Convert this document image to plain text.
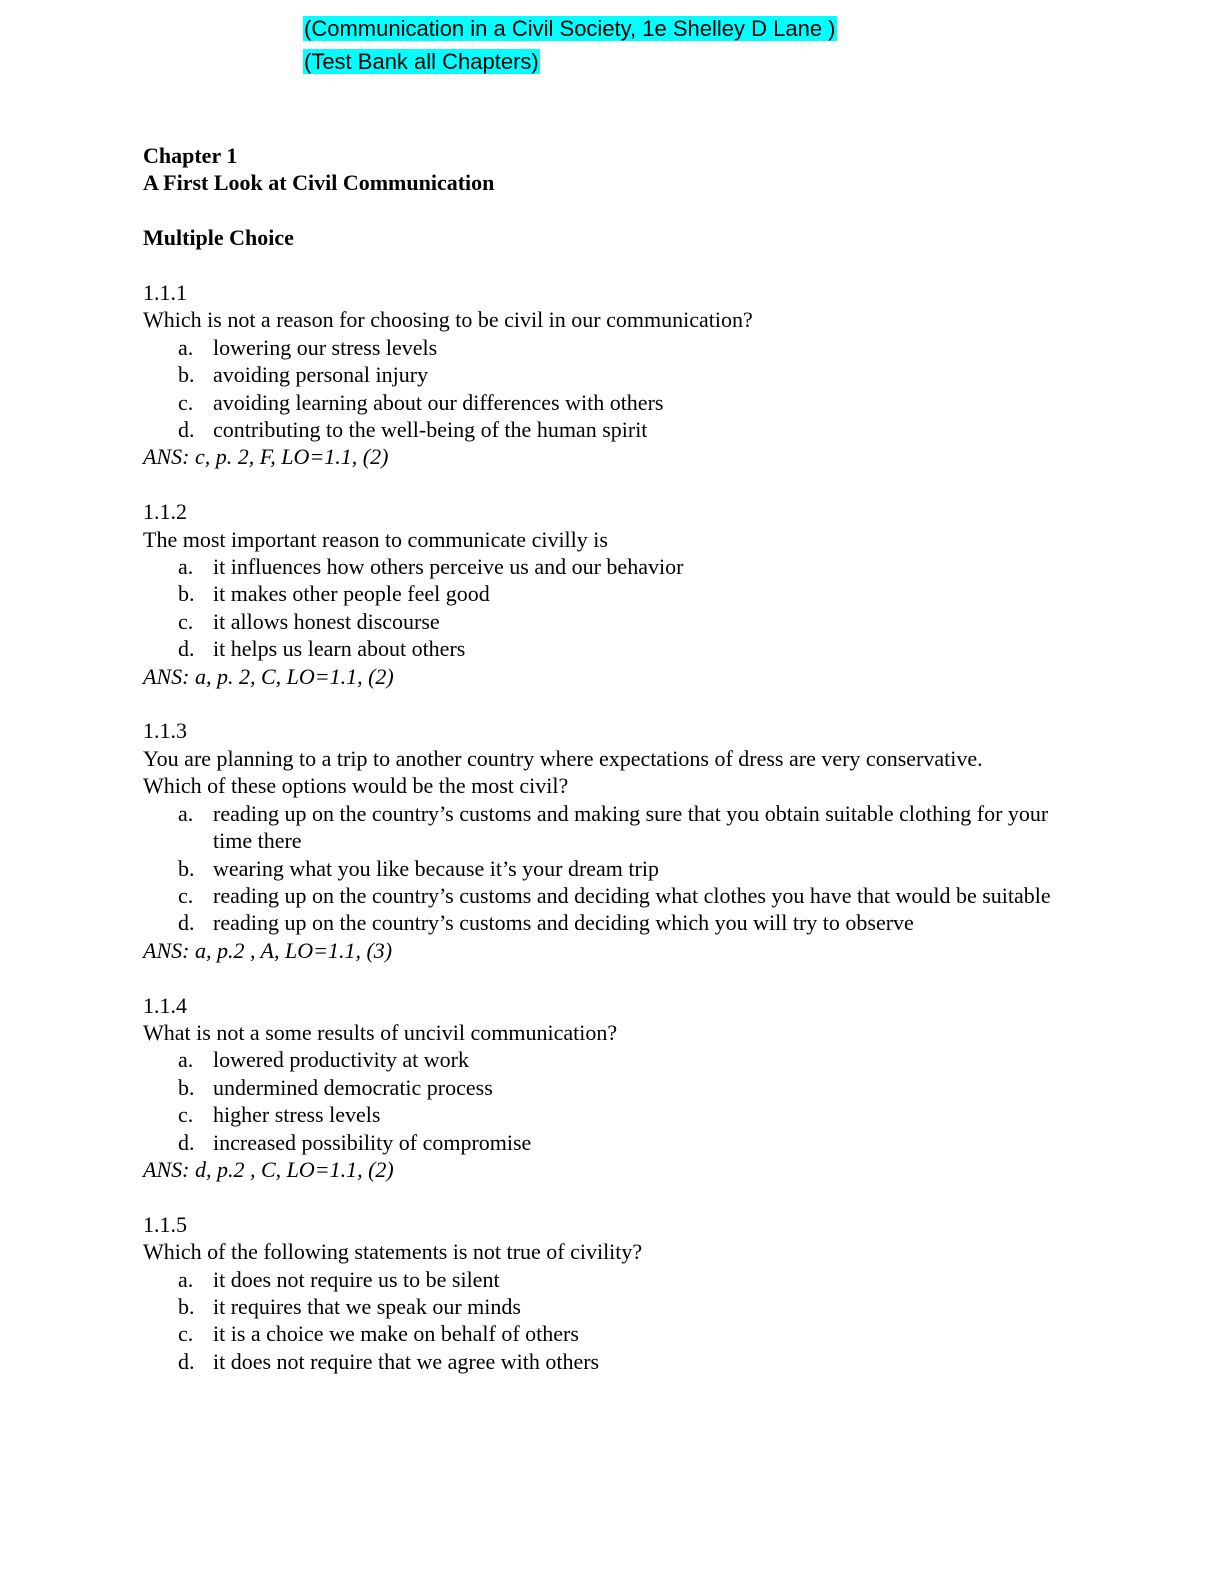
(Communication in a Civil Society, 1e Shelley D Lane )
(Test Bank all Chapters)
Chapter 1
A First Look at Civil Communication
Multiple Choice
1.1.1
Which is not a reason for choosing to be civil in our communication?
a. lowering our stress levels
b. avoiding personal injury
c. avoiding learning about our differences with others
d. contributing to the well-being of the human spirit
ANS: c, p. 2, F, LO=1.1, (2)
1.1.2
The most important reason to communicate civilly is
a. it influences how others perceive us and our behavior
b. it makes other people feel good
c. it allows honest discourse
d. it helps us learn about others
ANS: a, p. 2, C, LO=1.1, (2)
1.1.3
You are planning to a trip to another country where expectations of dress are very conservative.
Which of these options would be the most civil?
a. reading up on the country’s customs and making sure that you obtain suitable clothing for your time there
b. wearing what you like because it’s your dream trip
c. reading up on the country’s customs and deciding what clothes you have that would be suitable
d. reading up on the country’s customs and deciding which you will try to observe
ANS: a, p.2 , A, LO=1.1, (3)
1.1.4
What is not a some results of uncivil communication?
a. lowered productivity at work
b. undermined democratic process
c. higher stress levels
d. increased possibility of compromise
ANS: d, p.2 , C, LO=1.1, (2)
1.1.5
Which of the following statements is not true of civility?
a. it does not require us to be silent
b. it requires that we speak our minds
c. it is a choice we make on behalf of others
d. it does not require that we agree with others
